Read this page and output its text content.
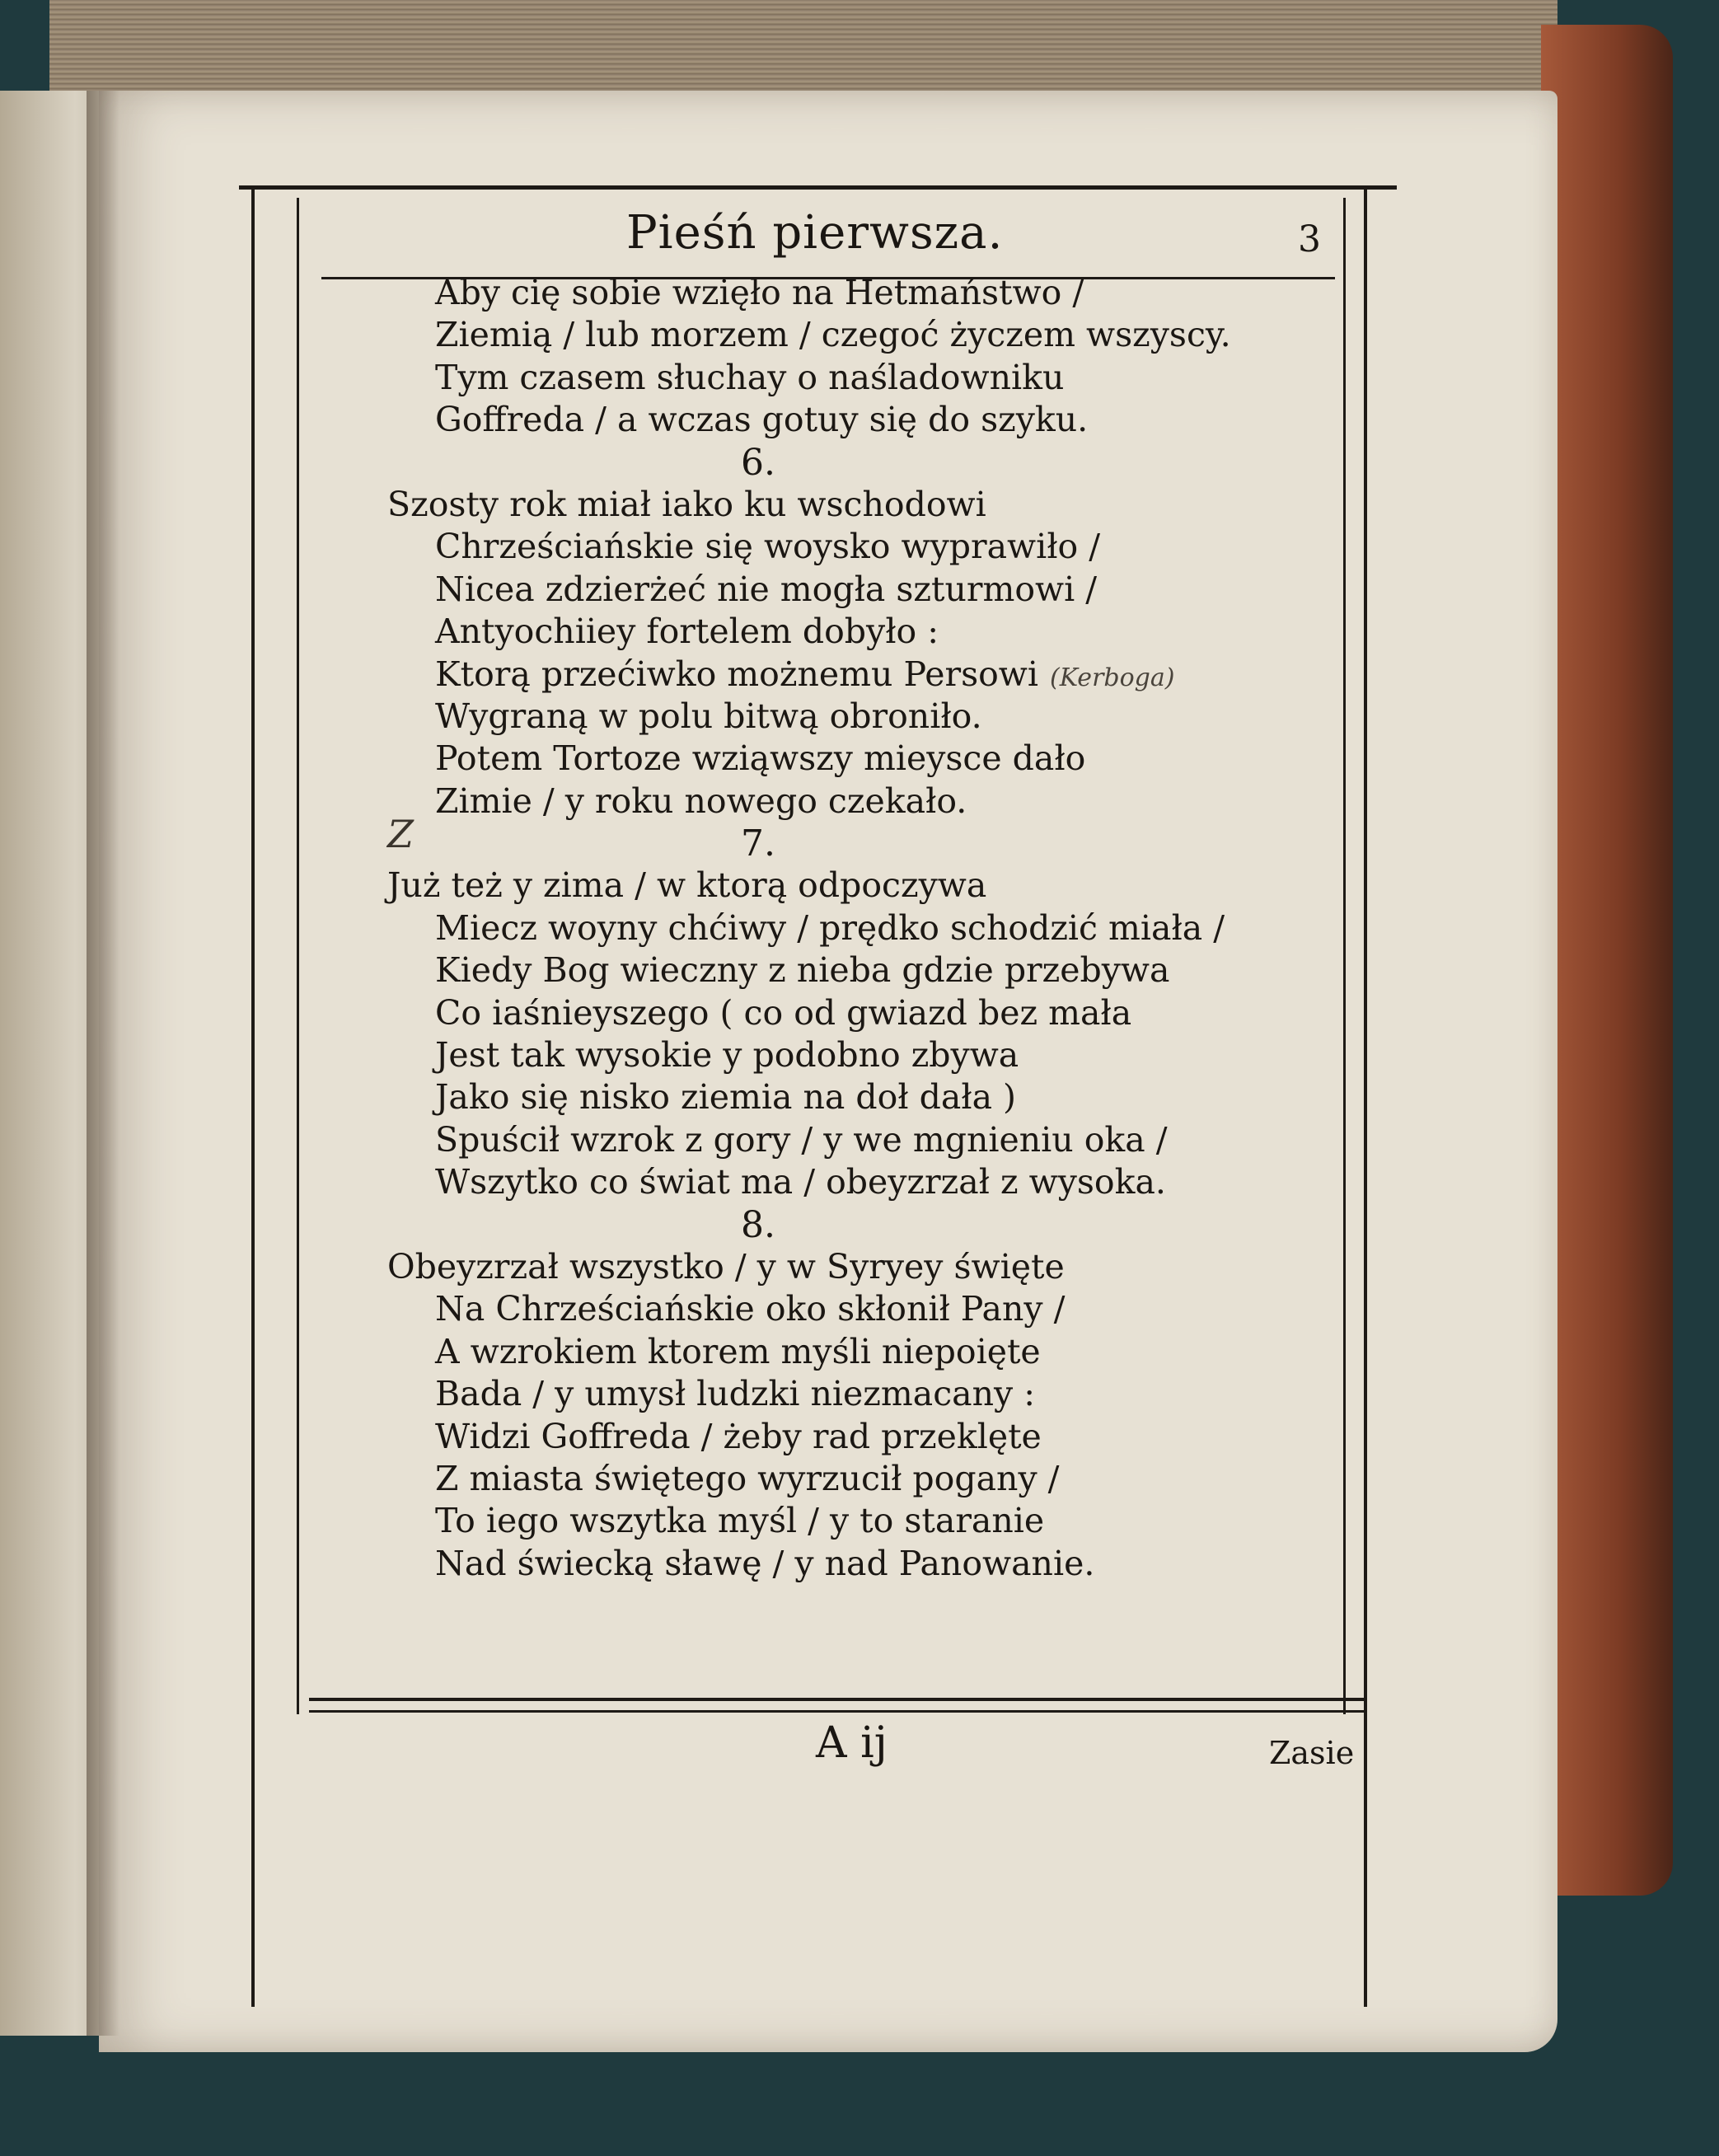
Pieśń pierwsza.	3
Aby cię sobie wzięło na Hetmaństwo /
Ziemią / lub morzem / czegoć życzem wszyscy.
Tym czasem słuchay o naśladowniku
Goffreda / a wczas gotuy się do szyku.
6.
Szosty rok miał iako ku wschodowi
Chrześciańskie się woysko wyprawiło /
Nicea zdzierżeć nie mogła szturmowi /
Antyochiiey fortelem dobyło :
Ktorą przećiwko możnemu Persowi (Kerboga)
Wygraną w polu bitwą obroniło.
Potem Tortoze wziąwszy mieysce dało
Zimie / y roku nowego czekało.
7.
Już też y zima / w ktorą odpoczywa
Miecz woyny chćiwy / prędko schodzić miała /
Kiedy Bog wieczny z nieba gdzie przebywa
Co iaśnieyszego ( co od gwiazd bez mała
Jest tak wysokie y podobno zbywa
Jako się nisko ziemia na doł dała )
Spuścił wzrok z gory / y we mgnieniu oka /
Wszytko co świat ma / obeyzrzał z wysoka.
8.
Obeyzrzał wszystko / y w Syryey święte
Na Chrześciańskie oko skłonił Pany /
A wzrokiem ktorem myśli niepoięte
Bada / y umysł ludzki niezmacany :
Widzi Goffreda / żeby rad przeklęte
Z miasta świętego wyrzucił pogany /
To iego wszytka myśl / y to staranie
Nad świecką sławę / y nad Panowanie.
Z
A ij	Zasie
